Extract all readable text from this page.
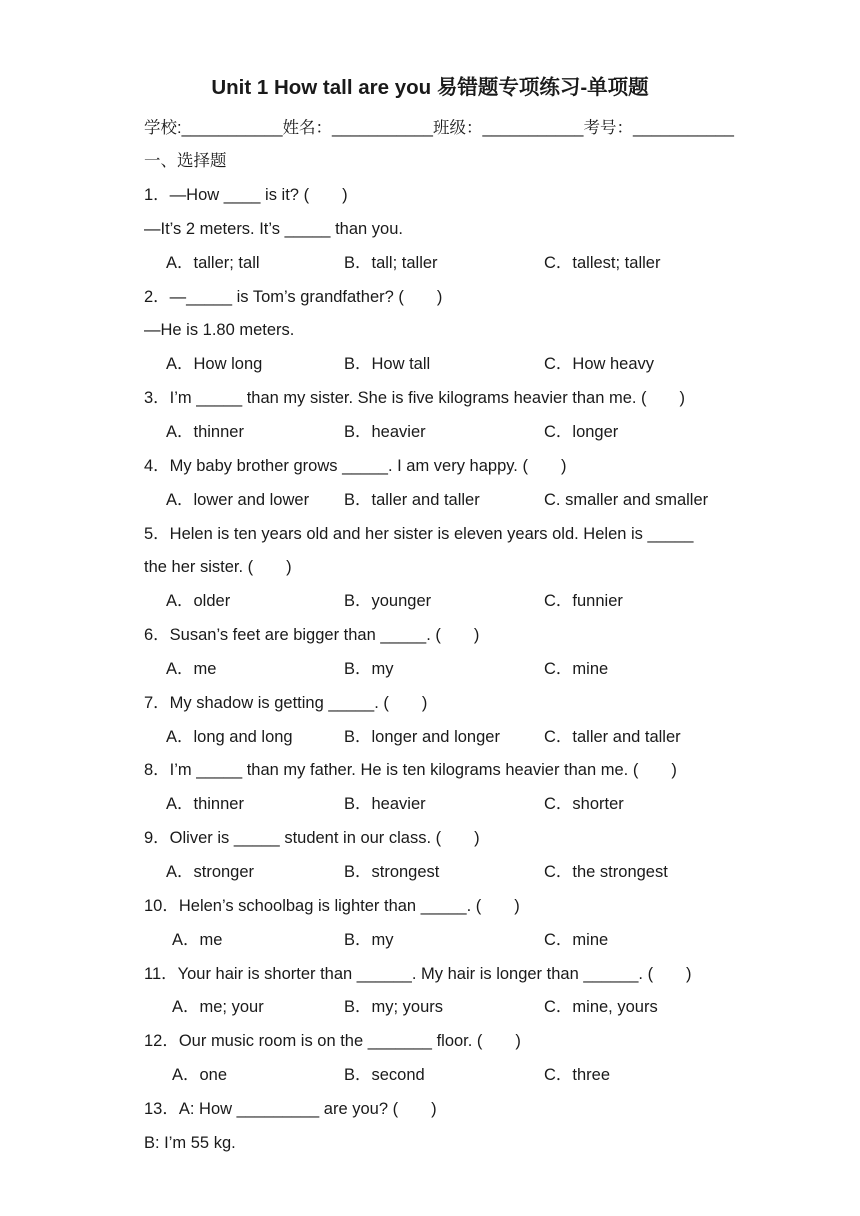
Unit 1 How tall are you 易错题专项练习-单项题
学校:___________姓名：___________班级：___________考号：___________
一、选择题
1．—How ____ is it? (　　)
—It’s 2 meters. It’s _____ than you.
A．taller; tall	B．tall; taller	C．tallest; taller
2．—_____ is Tom’s grandfather? (　　)
—He is 1.80 meters.
A．How long	B．How tall	C．How heavy
3．I’m _____ than my sister. She is five kilograms heavier than me. (　　)
A．thinner	B．heavier	C．longer
4．My baby brother grows _____. I am very happy. (　　)
A．lower and lower B．taller and taller	C. smaller and smaller
5．Helen is ten years old and her sister is eleven years old. Helen is _____
the her sister. (　　)
A．older	B．younger	C．funnier
6．Susan’s feet are bigger than _____. (　　)
A．me	B．my	C．mine
7．My shadow is getting _____. (　　)
A．long and long	B．longer and longer	C．taller and taller
8．I’m _____ than my father. He is ten kilograms heavier than me. (　　)
A．thinner	B．heavier	C．shorter
9．Oliver is _____ student in our class. (　　)
A．stronger	B．strongest	C．the strongest
10．Helen’s schoolbag is lighter than _____. (　　)
A．me	B．my	C．mine
11．Your hair is shorter than ______. My hair is longer than ______. (　　)
A．me; your	B．my; yours	C．mine, yours
12．Our music room is on the _______ floor. (　　)
A．one	B．second	C．three
13．A: How _________ are you? (　　)
B: I’m 55 kg.
